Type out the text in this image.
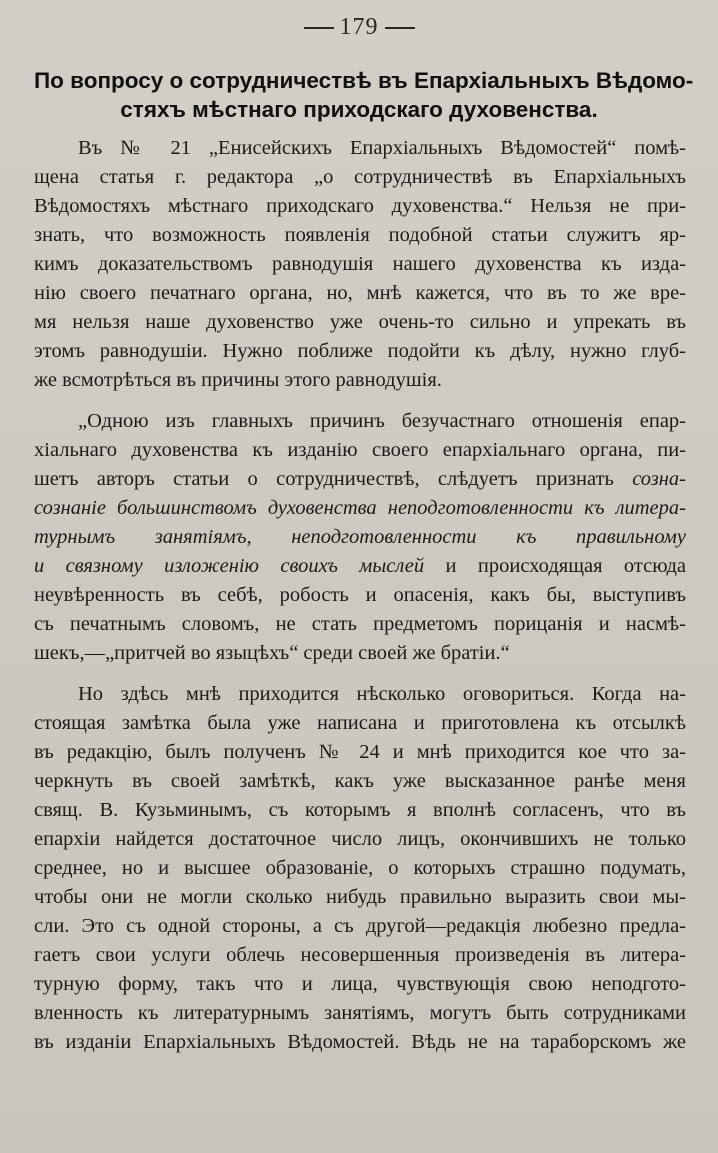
179
По вопросу о сотрудничествѣ въ Епархіальныхъ Вѣдомо-
стяхъ мѣстнаго приходскаго духовенства.
Въ № 21 „Енисейскихъ Епархіальныхъ Вѣдомостей“ помѣ-
щена статья г. редактора „о сотрудничествѣ въ Епархіальныхъ
Вѣдомостяхъ мѣстнаго приходскаго духовенства.“ Нельзя не при-
знать, что возможность появленія подобной статьи служитъ яр-
кимъ доказательствомъ равнодушія нашего духовенства къ изда-
нію своего печатнаго органа, но, мнѣ кажется, что въ то же вре-
мя нельзя наше духовенство уже очень-то сильно и упрекать въ
этомъ равнодушіи. Нужно поближе подойти къ дѣлу, нужно глуб-
же всмотрѣться въ причины этого равнодушія.
„Одною изъ главныхъ причинъ безучастнаго отношенія епар-
хіальнаго духовенства къ изданію своего епархіальнаго органа, пи-
шетъ авторъ статьи о сотрудничествѣ, слѣдуетъ признать созна-
сознаніе большинствомъ духовенства неподготовленности къ литера-
турнымъ занятіямъ, неподготовленности къ правильному
и связному изложенію своихъ мыслей и происходящая отсюда
неувѣренность въ себѣ, робость и опасенія, какъ бы, выступивъ
съ печатнымъ словомъ, не стать предметомъ порицанія и насмѣ-
шекъ,—„притчей во языцѣхъ“ среди своей же братіи.“
Но здѣсь мнѣ приходится нѣсколько оговориться. Когда на-
стоящая замѣтка была уже написана и приготовлена къ отсылкѣ
въ редакцію, былъ полученъ № 24 и мнѣ приходится кое что за-
черкнуть въ своей замѣткѣ, какъ уже высказанное ранѣе меня
свящ. В. Кузьминымъ, съ которымъ я вполнѣ согласенъ, что въ
епархіи найдется достаточное число лицъ, окончившихъ не только
среднее, но и высшее образованіе, о которыхъ страшно подумать,
чтобы они не могли сколько нибудь правильно выразить свои мы-
сли. Это съ одной стороны, а съ другой—редакція любезно предла-
гаетъ свои услуги облечь несовершенныя произведенія въ литера-
турную форму, такъ что и лица, чувствующія свою неподгото-
вленность къ литературнымъ занятіямъ, могутъ быть сотрудниками
въ изданіи Епархіальныхъ Вѣдомостей. Вѣдь не на тараборскомъ же
